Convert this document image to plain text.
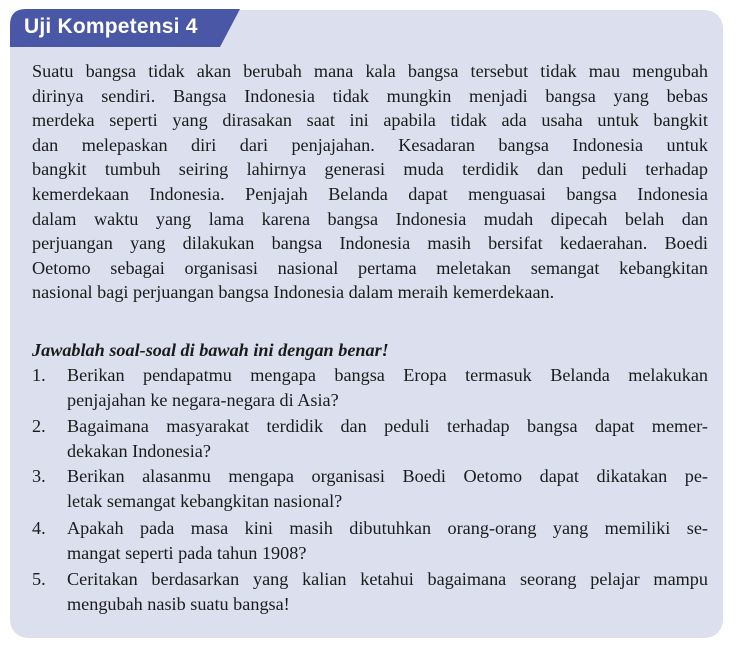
Uji Kompetensi 4
Suatu bangsa tidak akan berubah mana kala bangsa tersebut tidak mau mengubah
dirinya sendiri. Bangsa Indonesia tidak mungkin menjadi bangsa yang bebas
merdeka seperti yang dirasakan saat ini apabila tidak ada usaha untuk bangkit
dan melepaskan diri dari penjajahan. Kesadaran bangsa Indonesia untuk
bangkit tumbuh seiring lahirnya generasi muda terdidik dan peduli terhadap
kemerdekaan Indonesia. Penjajah Belanda dapat menguasai bangsa Indonesia
dalam waktu yang lama karena bangsa Indonesia mudah dipecah belah dan
perjuangan yang dilakukan bangsa Indonesia masih bersifat kedaerahan. Boedi
Oetomo sebagai organisasi nasional pertama meletakan semangat kebangkitan
nasional bagi perjuangan bangsa Indonesia dalam meraih kemerdekaan.
Jawablah soal-soal di bawah ini dengan benar!
1.	Berikan pendapatmu mengapa bangsa Eropa termasuk Belanda melakukan
penjajahan ke negara-negara di Asia?
2.	Bagaimana masyarakat terdidik dan peduli terhadap bangsa dapat memer-
dekakan Indonesia?
3.	Berikan alasanmu mengapa organisasi Boedi Oetomo dapat dikatakan pe-
letak semangat kebangkitan nasional?
4.	Apakah pada masa kini masih dibutuhkan orang-orang yang memiliki se-
mangat seperti pada tahun 1908?
5.	Ceritakan berdasarkan yang kalian ketahui bagaimana seorang pelajar mampu
mengubah nasib suatu bangsa!
